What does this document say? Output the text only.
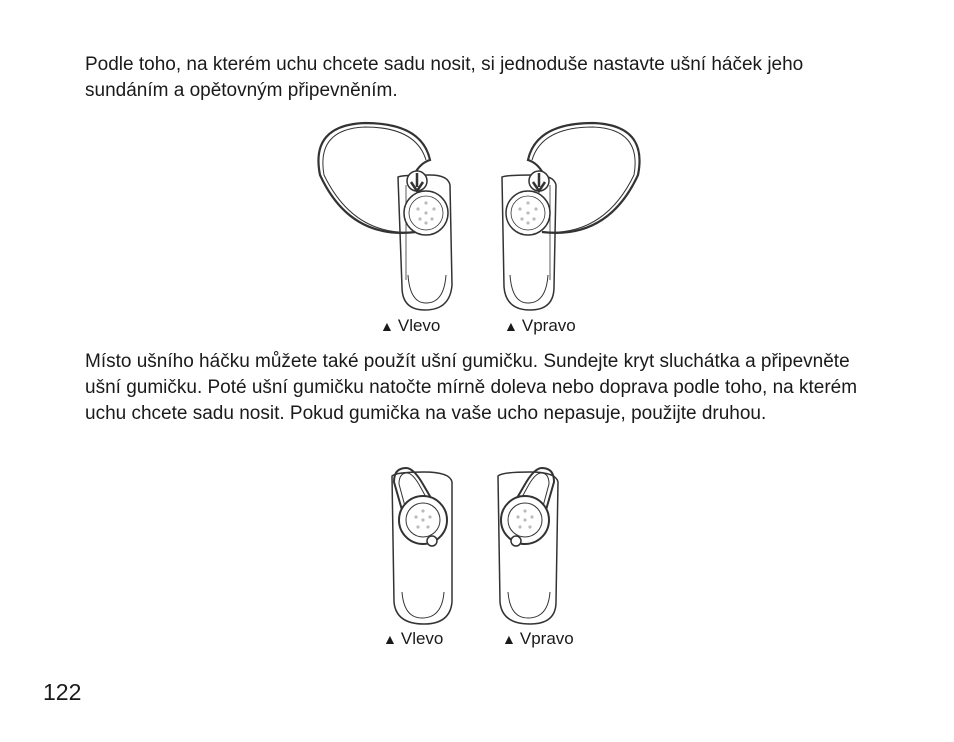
Podle toho, na kterém uchu chcete sadu nosit, si jednoduše nastavte ušní háček jeho sundáním a opětovným připevněním.

▲ Vlevo	▲ Vpravo

Místo ušního háčku můžete také použít ušní gumičku. Sundejte kryt sluchátka a připevněte ušní gumičku. Poté ušní gumičku natočte mírně doleva nebo doprava podle toho, na kterém uchu chcete sadu nosit. Pokud gumička na vaše ucho nepasuje, použijte druhou.

▲ Vlevo	▲ Vpravo
122
